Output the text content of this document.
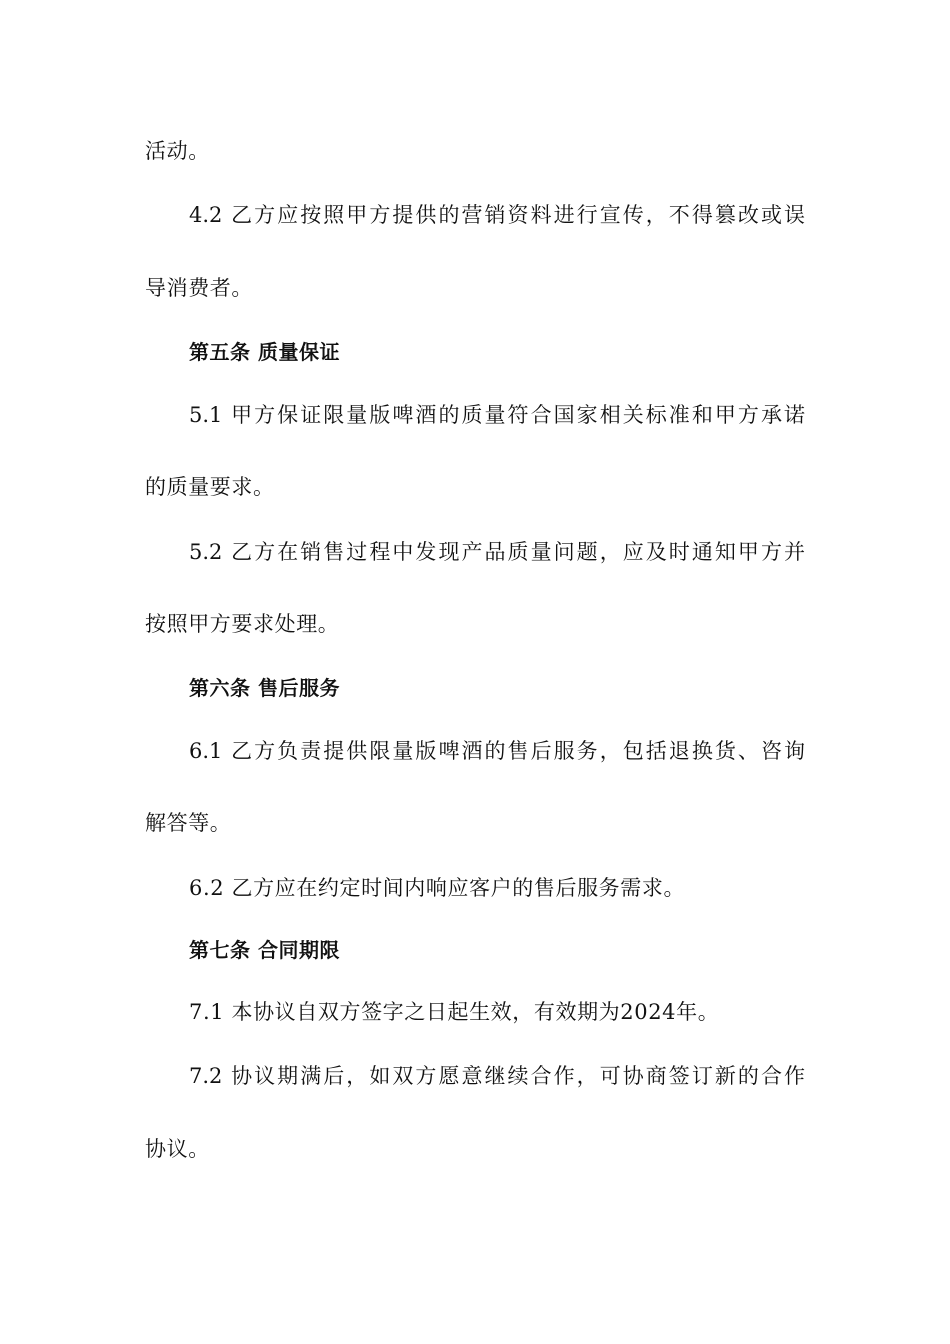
活动。
4.2 乙方应按照甲方提供的营销资料进行宣传，不得篡改或误
导消费者。
第五条 质量保证
5.1 甲方保证限量版啤酒的质量符合国家相关标准和甲方承诺
的质量要求。
5.2 乙方在销售过程中发现产品质量问题，应及时通知甲方并
按照甲方要求处理。
第六条 售后服务
6.1 乙方负责提供限量版啤酒的售后服务，包括退换货、咨询
解答等。
6.2 乙方应在约定时间内响应客户的售后服务需求。
第七条 合同期限
7.1 本协议自双方签字之日起生效，有效期为2024年。
7.2 协议期满后，如双方愿意继续合作，可协商签订新的合作
协议。
